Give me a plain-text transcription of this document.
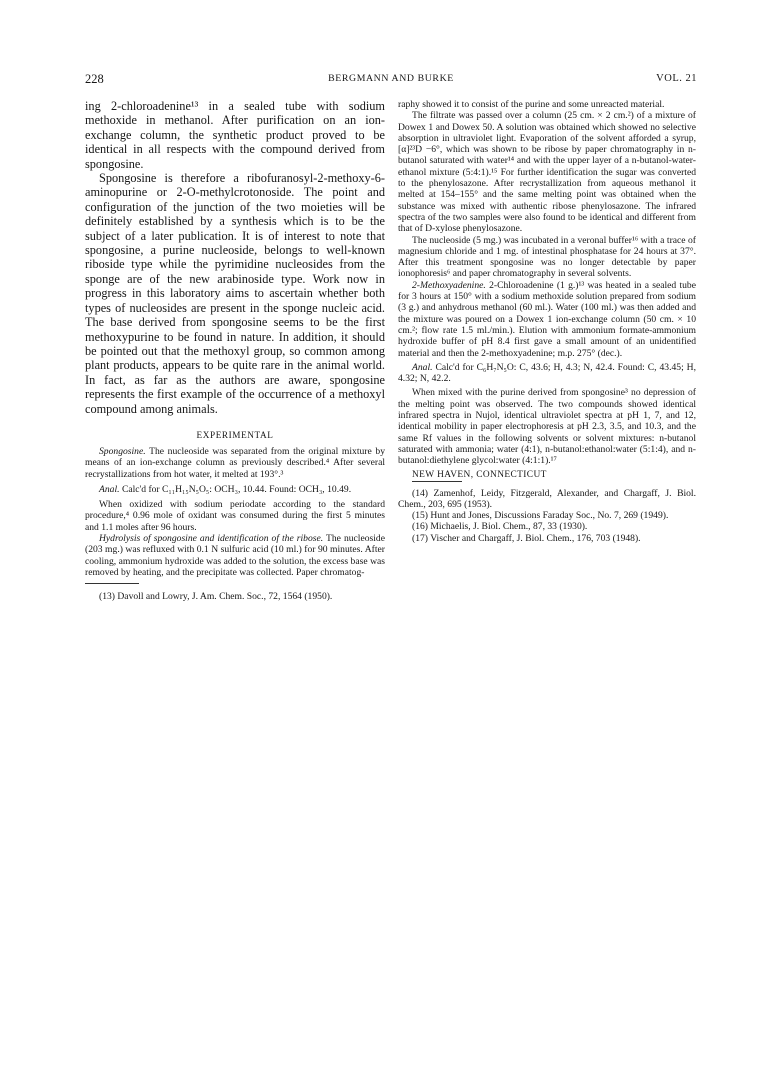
228	BERGMANN AND BURKE	VOL. 21

ing 2-chloroadenine¹³ in a sealed tube with sodium methoxide in methanol. After purification on an ion-exchange column, the synthetic product proved to be identical in all respects with the compound derived from spongosine.

Spongosine is therefore a ribofuranosyl-2-methoxy-6-aminopurine or 2-O-methylcrotonoside. The point and configuration of the junction of the two moieties will be definitely established by a synthesis which is to be the subject of a later publication. It is of interest to note that spongosine, a purine nucleoside, belongs to well-known riboside type while the pyrimidine nucleosides from the sponge are of the new arabinoside type. Work now in progress in this laboratory aims to ascertain whether both types of nucleosides are present in the sponge nucleic acid. The base derived from spongosine seems to be the first methoxypurine to be found in nature. In addition, it should be pointed out that the methoxyl group, so common among plant products, appears to be quite rare in the animal world. In fact, as far as the authors are aware, spongosine represents the first example of the occurrence of a methoxyl compound among animals.

EXPERIMENTAL

Spongosine. The nucleoside was separated from the original mixture by means of an ion-exchange column as previously described.⁴ After several recrystallizations from hot water, it melted at 193°.³

Anal. Calc'd for C₁₁H₁₅N₅O₅: OCH₃, 10.44. Found: OCH₃, 10.49.

When oxidized with sodium periodate according to the standard procedure,⁴ 0.96 mole of oxidant was consumed during the first 5 minutes and 1.1 moles after 96 hours.

Hydrolysis of spongosine and identification of the ribose. The nucleoside (203 mg.) was refluxed with 0.1 N sulfuric acid (10 ml.) for 90 minutes. After cooling, ammonium hydroxide was added to the solution, the excess base was removed by heating, and the precipitate was collected. Paper chromatog-

(13) Davoll and Lowry, J. Am. Chem. Soc., 72, 1564 (1950).

raphy showed it to consist of the purine and some unreacted material.

The filtrate was passed over a column (25 cm. × 2 cm.²) of a mixture of Dowex 1 and Dowex 50. A solution was obtained which showed no selective absorption in ultraviolet light. Evaporation of the solvent afforded a syrup, [α]²³D −6°, which was shown to be ribose by paper chromatography in n-butanol saturated with water¹⁴ and with the upper layer of a n-butanol-water-ethanol mixture (5:4:1).¹⁵ For further identification the sugar was converted to the phenylosazone. After recrystallization from aqueous methanol it melted at 154–155° and the same melting point was obtained when the substance was mixed with authentic ribose phenylosazone. The infrared spectra of the two samples were also found to be identical and different from that of D-xylose phenylosazone.

The nucleoside (5 mg.) was incubated in a veronal buffer¹⁶ with a trace of magnesium chloride and 1 mg. of intestinal phosphatase for 24 hours at 37°. After this treatment spongosine was no longer detectable by paper ionophoresis⁶ and paper chromatography in several solvents.

2-Methoxyadenine. 2-Chloroadenine (1 g.)¹³ was heated in a sealed tube for 3 hours at 150° with a sodium methoxide solution prepared from sodium (3 g.) and anhydrous methanol (60 ml.). Water (100 ml.) was then added and the mixture was poured on a Dowex 1 ion-exchange column (50 cm. × 10 cm.²; flow rate 1.5 ml./min.). Elution with ammonium formate-ammonium hydroxide buffer of pH 8.4 first gave a small amount of an unidentified material and then the 2-methoxyadenine; m.p. 275° (dec.).

Anal. Calc'd for C₆H₇N₅O: C, 43.6; H, 4.3; N, 42.4. Found: C, 43.45; H, 4.32; N, 42.2.

When mixed with the purine derived from spongosine³ no depression of the melting point was observed. The two compounds showed identical infrared spectra in Nujol, identical ultraviolet spectra at pH 1, 7, and 12, identical mobility in paper electrophoresis at pH 2.3, 3.5, and 10.3, and the same Rf values in the following solvents or solvent mixtures: n-butanol saturated with ammonia; water (4:1), n-butanol:ethanol:water (5:1:4), and n-butanol:diethylene glycol:water (4:1:1).¹⁷

NEW HAVEN, CONNECTICUT

(14) Zamenhof, Leidy, Fitzgerald, Alexander, and Chargaff, J. Biol. Chem., 203, 695 (1953).

(15) Hunt and Jones, Discussions Faraday Soc., No. 7, 269 (1949).

(16) Michaelis, J. Biol. Chem., 87, 33 (1930).

(17) Vischer and Chargaff, J. Biol. Chem., 176, 703 (1948).
